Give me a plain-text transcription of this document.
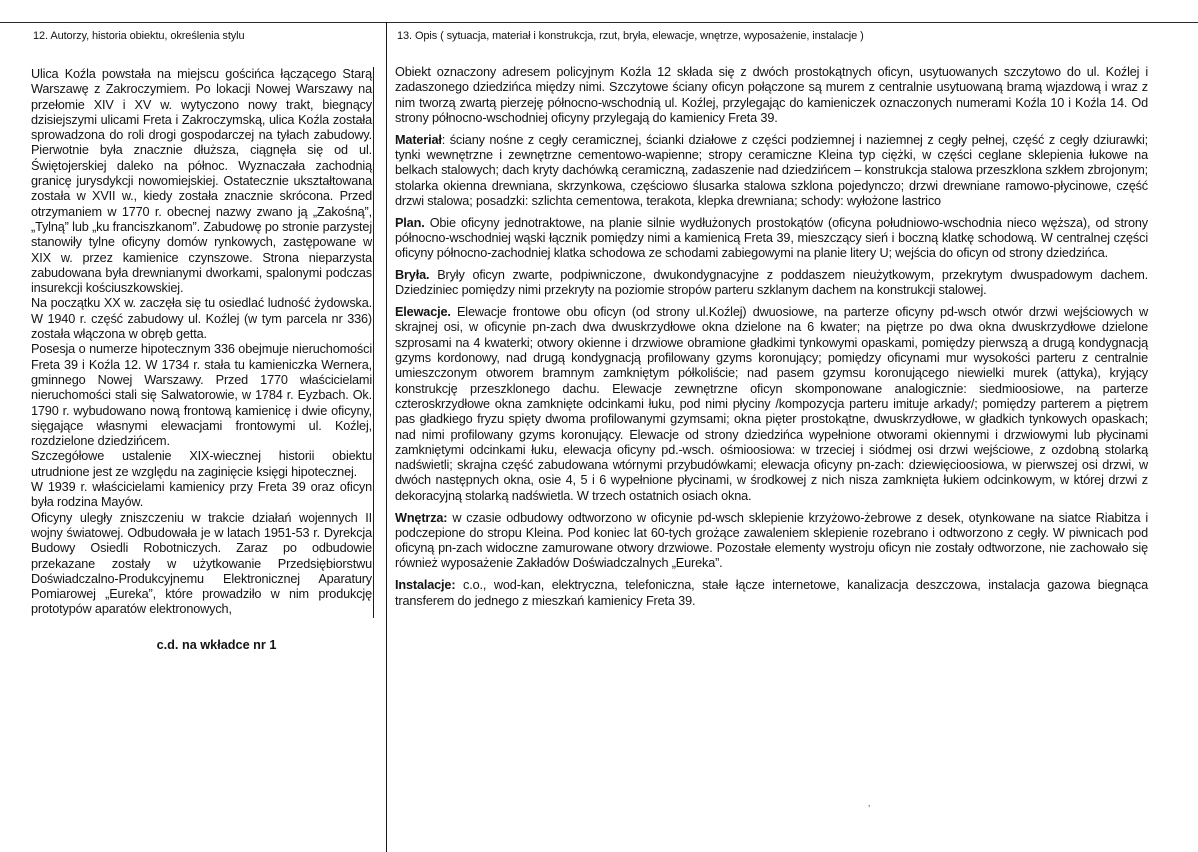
12. Autorzy, historia obiektu, określenia stylu

Ulica Koźla powstała na miejscu gościńca łączącego Starą Warszawę z Zakroczymiem. Po lokacji Nowej Warszawy na przełomie XIV i XV w. wytyczono nowy trakt, biegnący dzisiejszymi ulicami Freta i Zakroczymską, ulica Koźla została sprowadzona do roli drogi gospodarczej na tyłach zabudowy. Pierwotnie była znacznie dłuższa, ciągnęła się od ul. Świętojerskiej daleko na północ. Wyznaczała zachodnią granicę jurysdykcji nowomiejskiej. Ostatecznie ukształtowana została w XVII w., kiedy została znacznie skrócona. Przed otrzymaniem w 1770 r. obecnej nazwy zwano ją „Zakośną”, „Tylną” lub „ku franciszkanom”. Zabudowę po stronie parzystej stanowiły tylne oficyny domów rynkowych, zastępowane w XIX w. przez kamienice czynszowe. Strona nieparzysta zabudowana była drewnianymi dworkami, spalonymi podczas insurekcji kościuszkowskiej.

Na początku XX w. zaczęła się tu osiedlać ludność żydowska. W 1940 r. część zabudowy ul. Koźlej (w tym parcela nr 336) została włączona w obręb getta.

Posesja o numerze hipotecznym 336 obejmuje nieruchomości Freta 39 i Koźla 12. W 1734 r. stała tu kamieniczka Wernera, gminnego Nowej Warszawy. Przed 1770 właścicielami nieruchomości stali się Salwatorowie, w 1784 r. Eyzbach. Ok. 1790 r. wybudowano nową frontową kamienicę i dwie oficyny, sięgające własnymi elewacjami frontowymi ul. Koźlej, rozdzielone dziedzińcem.

Szczegółowe ustalenie XIX-wiecznej historii obiektu utrudnione jest ze względu na zaginięcie księgi hipotecznej.

W 1939 r. właścicielami kamienicy przy Freta 39 oraz oficyn była rodzina Mayów.

Oficyny uległy zniszczeniu w trakcie działań wojennych II wojny światowej. Odbudowała je w latach 1951-53 r. Dyrekcja Budowy Osiedli Robotniczych. Zaraz po odbudowie przekazane zostały w użytkowanie Przedsiębiorstwu Doświadczalno-Produkcyjnemu Elektronicznej Aparatury Pomiarowej „Eureka”, które prowadziło w nim produkcję prototypów aparatów elektronowych,

c.d. na wkładce nr 1
13. Opis ( sytuacja, materiał i konstrukcja, rzut, bryła, elewacje, wnętrze, wyposażenie, instalacje )

Obiekt oznaczony adresem policyjnym Koźla 12 składa się z dwóch prostokątnych oficyn, usytuowanych szczytowo do ul. Koźlej i zadaszonego dziedzińca między nimi. Szczytowe ściany oficyn połączone są murem z centralnie usytuowaną bramą wjazdową i wraz z nim tworzą zwartą pierzeję północno-wschodnią ul. Koźlej, przylegając do kamieniczek oznaczonych numerami Koźla 10 i Koźla 14. Od strony północno-wschodniej oficyny przylegają do kamienicy Freta 39.

Materiał: ściany nośne z cegły ceramicznej, ścianki działowe z części podziemnej i naziemnej z cegły pełnej, część z cegły dziurawki; tynki wewnętrzne i zewnętrzne cementowo-wapienne; stropy ceramiczne Kleina typ ciężki, w części ceglane sklepienia łukowe na belkach stalowych; dach kryty dachówką ceramiczną, zadaszenie nad dziedzińcem – konstrukcja stalowa przeszklona szkłem zbrojonym; stolarka okienna drewniana, skrzynkowa, częściowo ślusarka stalowa szklona pojedynczo; drzwi drewniane ramowo-płycinowe, część drzwi stalowa; posadzki: szlichta cementowa, terakota, klepka drewniana; schody: wyłożone lastrico

Plan. Obie oficyny jednotraktowe, na planie silnie wydłużonych prostokątów (oficyna południowo-wschodnia nieco węższa), od strony północno-wschodniej wąski łącznik pomiędzy nimi a kamienicą Freta 39, mieszczący sień i boczną klatkę schodową. W centralnej części oficyny północno-zachodniej klatka schodowa ze schodami zabiegowymi na planie litery U; wejścia do oficyn od strony dziedzińca.

Bryła. Bryły oficyn zwarte, podpiwniczone, dwukondygnacyjne z poddaszem nieużytkowym, przekrytym dwuspadowym dachem. Dziedziniec pomiędzy nimi przekryty na poziomie stropów parteru szklanym dachem na konstrukcji stalowej.

Elewacje. Elewacje frontowe obu oficyn (od strony ul.Koźlej) dwuosiowe, na parterze oficyny pd-wsch otwór drzwi wejściowych w skrajnej osi, w oficynie pn-zach dwa dwuskrzydłowe okna dzielone na 6 kwater; na piętrze po dwa okna dwuskrzydłowe dzielone szprosami na 4 kwaterki; otwory okienne i drzwiowe obramione gładkimi tynkowymi opaskami, pomiędzy pierwszą a drugą kondygnacją gzyms kordonowy, nad drugą kondygnacją profilowany gzyms koronujący; pomiędzy oficynami mur wysokości parteru z centralnie umieszczonym otworem bramnym zamkniętym półkoliście; nad pasem gzymsu koronującego niewielki murek (attyka), kryjący konstrukcję przeszklonego dachu. Elewacje zewnętrzne oficyn skomponowane analogicznie: siedmioosiowe, na parterze czteroskrzydłowe okna zamknięte odcinkami łuku, pod nimi płyciny /kompozycja parteru imituje arkady/; pomiędzy parterem a piętrem pas gładkiego fryzu spięty dwoma profilowanymi gzymsami; okna pięter prostokątne, dwuskrzydłowe, w gładkich tynkowych opaskach; nad nimi profilowany gzyms koronujący. Elewacje od strony dziedzińca wypełnione otworami okiennymi i drzwiowymi lub płycinami zamkniętymi odcinkami łuku, elewacja oficyny pd.-wsch. ośmioosiowa: w trzeciej i siódmej osi drzwi wejściowe, z ozdobną stolarką nadświetli; skrajna część zabudowana wtórnymi przybudówkami; elewacja oficyny pn-zach: dziewięcioosiowa, w pierwszej osi drzwi, w dwóch następnych okna, osie 4, 5 i 6 wypełnione płycinami, w środkowej z nich nisza zamknięta łukiem odcinkowym, w której drzwi z dekoracyjną stolarką nadświetla. W trzech ostatnich osiach okna.

Wnętrza: w czasie odbudowy odtworzono w oficynie pd-wsch sklepienie krzyżowo-żebrowe z desek, otynkowane na siatce Riabitza i podczepione do stropu Kleina. Pod koniec lat 60-tych grożące zawaleniem sklepienie rozebrano i odtworzono z cegły. W piwnicach pod oficyną pn-zach widoczne zamurowane otwory drzwiowe. Pozostałe elementy wystroju oficyn nie zostały odtworzone, nie zachowało się również wyposażenie Zakładów Doświadczalnych „Eureka”.

Instalacje: c.o., wod-kan, elektryczna, telefoniczna, stałe łącze internetowe, kanalizacja deszczowa, instalacja gazowa biegnąca transferem do jednego z mieszkań kamienicy Freta 39.

‚
